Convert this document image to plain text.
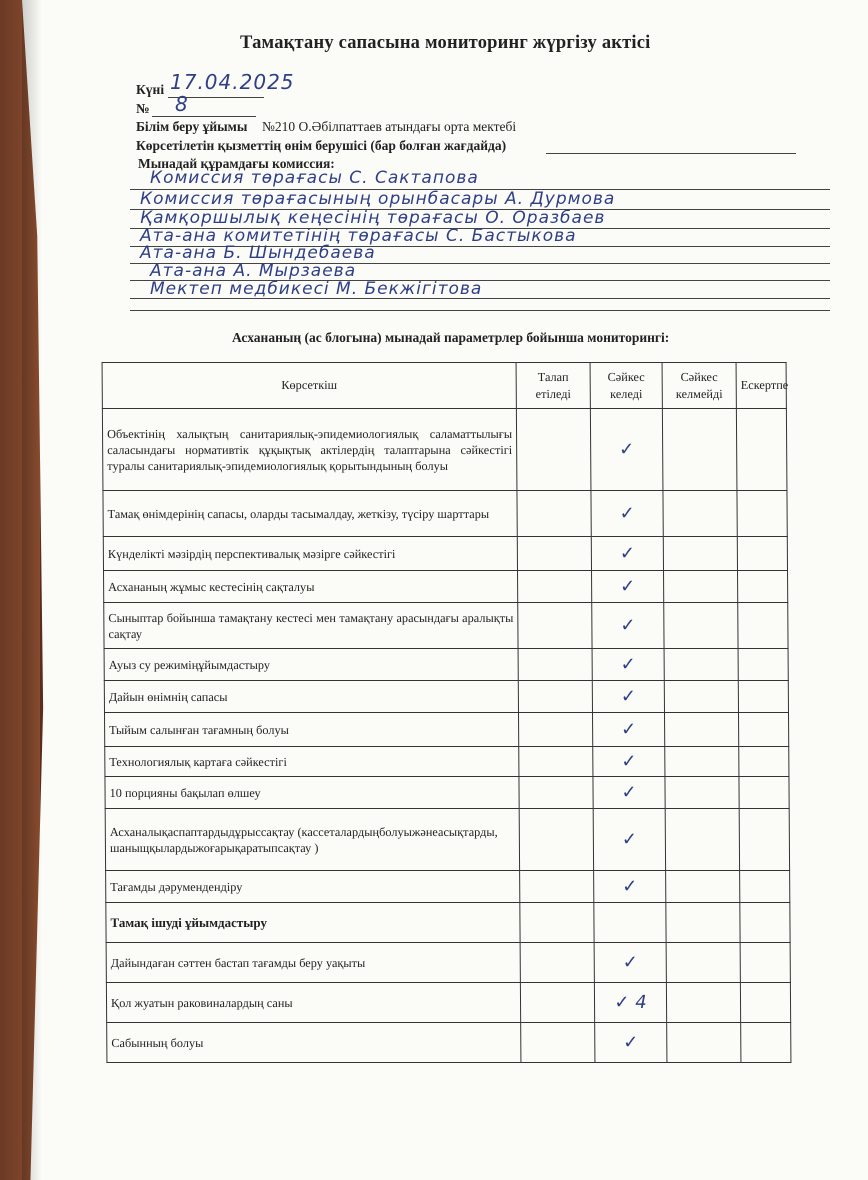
Тамақтану сапасына мониторинг жүргізу актісі
Күні 17.04.2025
№ 8
Білім беру ұйымы №210 О.Әбілпаттаев атындағы орта мектебі
Көрсетілетін қызметтің өнім берушісі (бар болған жағдайда)
Мынадай құрамдағы комиссия:
Комиссия төрағасы С. Сактапова
Комиссия төрағасының орынбасары А. Дурмова
Қамқоршылық кеңесінің төрағасы О. Оразбаев
Ата-ана комитетінің төрағасы С. Бастыкова
Ата-ана Б. Шындебаева
Ата-ана А. Мырзаева
Мектеп медбикесі М. Бекжігітова
Асхананың (ас блогына) мынадай параметрлер бойынша мониторингі:
Көрсеткіш	Талап етіледі	Сәйкес келеді	Сәйкес келмейді	Ескертпе
Объектінің халықтың санитариялық-эпидемиологиялық саламаттылығы саласындағы нормативтік құқықтық актілердің талаптарына сәйкестігі туралы санитариялық-эпидемиологиялық қорытындының болуы		✓		
Тамақ өнімдерінің сапасы, оларды тасымалдау, жеткізу, түсіру шарттары		✓		
Күнделікті мәзірдің перспективалық мәзірге сәйкестігі		✓		
Асхананың жұмыс кестесінің сақталуы		✓		
Сыныптар бойынша тамақтану кестесі мен тамақтану арасындағы аралықты сақтау		✓		
Ауыз су режиміңұйымдастыру		✓		
Дайын өнімнің сапасы		✓		
Тыйым салынған тағамның болуы		✓		
Технологиялық картаға сәйкестігі		✓		
10 порцияны бақылап өлшеу		✓		
Асханалықаспаптардыдұрыссақтау (кассеталардыңболуыжәнеасықтарды, шаныщқылардыжоғарықаратыпсақтау )		✓		
Тағамды дәрумендендіру		✓		
Тамақ ішуді ұйымдастыру				
Дайындаған сәттен бастап тағамды беру уақыты		✓		
Қол жуатын раковиналардың саны		✓ 4		
Сабынның болуы		✓		
